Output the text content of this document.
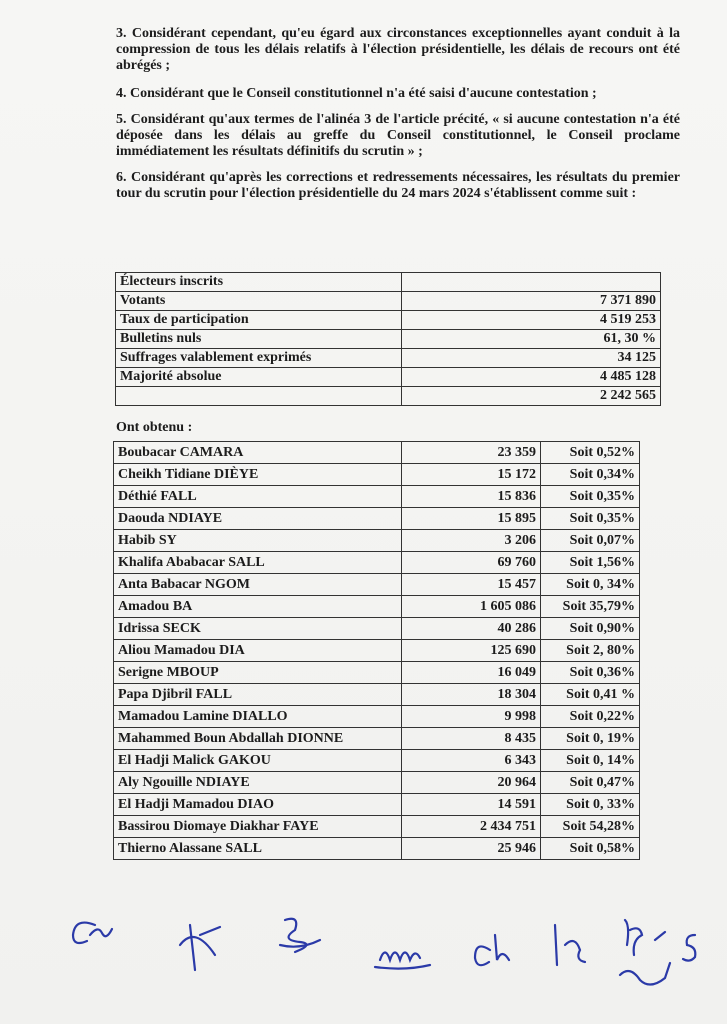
3. Considérant cependant, qu'eu égard aux circonstances exceptionnelles ayant conduit à la compression de tous les délais relatifs à l'élection présidentielle, les délais de recours ont été abrégés ;

4. Considérant que le Conseil constitutionnel n'a été saisi d'aucune contestation ;

5. Considérant qu'aux termes de l'alinéa 3 de l'article précité, « si aucune contestation n'a été déposée dans les délais au greffe du Conseil constitutionnel, le Conseil proclame immédiatement les résultats définitifs du scrutin » ;

6. Considérant qu'après les corrections et redressements nécessaires, les résultats du premier tour du scrutin pour l'élection présidentielle du 24 mars 2024 s'établissent comme suit :

Électeurs inscrits	
Votants	7 371 890
Taux de participation	4 519 253
Bulletins nuls	61, 30 %
Suffrages valablement exprimés	34 125
Majorité absolue	4 485 128
	2 242 565
Ont obtenu :
Boubacar CAMARA	23 359	Soit 0,52%
Cheikh Tidiane DIÈYE	15 172	Soit 0,34%
Déthié FALL	15 836	Soit 0,35%
Daouda NDIAYE	15 895	Soit 0,35%
Habib SY	3 206	Soit 0,07%
Khalifa Ababacar SALL	69 760	Soit 1,56%
Anta Babacar NGOM	15 457	Soit 0, 34%
Amadou BA	1 605 086	Soit 35,79%
Idrissa SECK	40 286	Soit 0,90%
Aliou Mamadou DIA	125 690	Soit 2, 80%
Serigne MBOUP	16 049	Soit 0,36%
Papa Djibril FALL	18 304	Soit 0,41 %
Mamadou Lamine DIALLO	9 998	Soit 0,22%
Mahammed Boun Abdallah DIONNE	8 435	Soit 0, 19%
El Hadji Malick GAKOU	6 343	Soit 0, 14%
Aly Ngouille NDIAYE	20 964	Soit 0,47%
El Hadji Mamadou DIAO	14 591	Soit 0, 33%
Bassirou Diomaye Diakhar FAYE	2 434 751	Soit 54,28%
Thierno Alassane SALL	25 946	Soit 0,58%
